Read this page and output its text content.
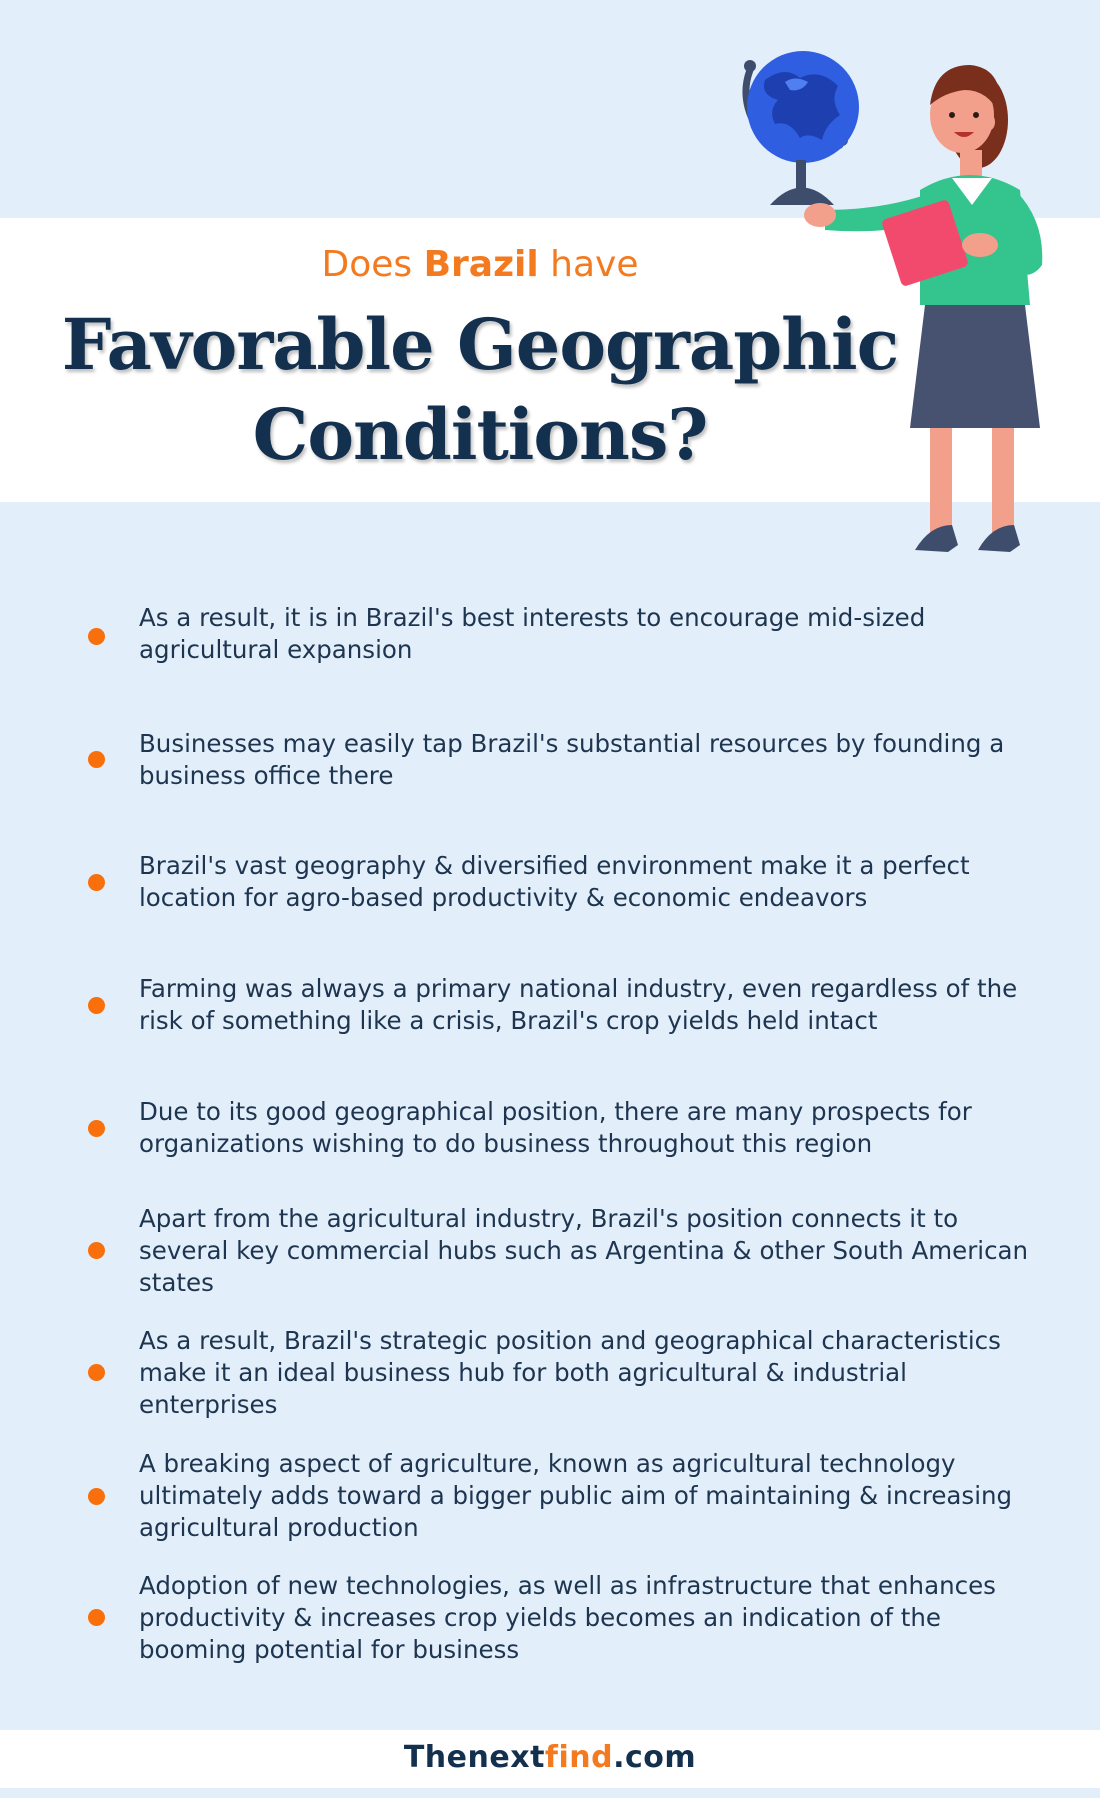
Does Brazil have
Favorable Geographic
Conditions?
As a result, it is in Brazil's best interests to encourage mid-sized agricultural expansion
Businesses may easily tap Brazil's substantial resources by founding a business office there
Brazil's vast geography & diversified environment make it a perfect location for agro-based productivity & economic endeavors
Farming was always a primary national industry, even regardless of the risk of something like a crisis, Brazil's crop yields held intact
Due to its good geographical position, there are many prospects for organizations wishing to do business throughout this region
Apart from the agricultural industry, Brazil's position connects it to several key commercial hubs such as Argentina & other South American states
As a result, Brazil's strategic position and geographical characteristics make it an ideal business hub for both agricultural & industrial enterprises
A breaking aspect of agriculture, known as agricultural technology ultimately adds toward a bigger public aim of maintaining & increasing agricultural production
Adoption of new technologies, as well as infrastructure that enhances productivity & increases crop yields becomes an indication of the booming potential for business
Thenextfind.com
